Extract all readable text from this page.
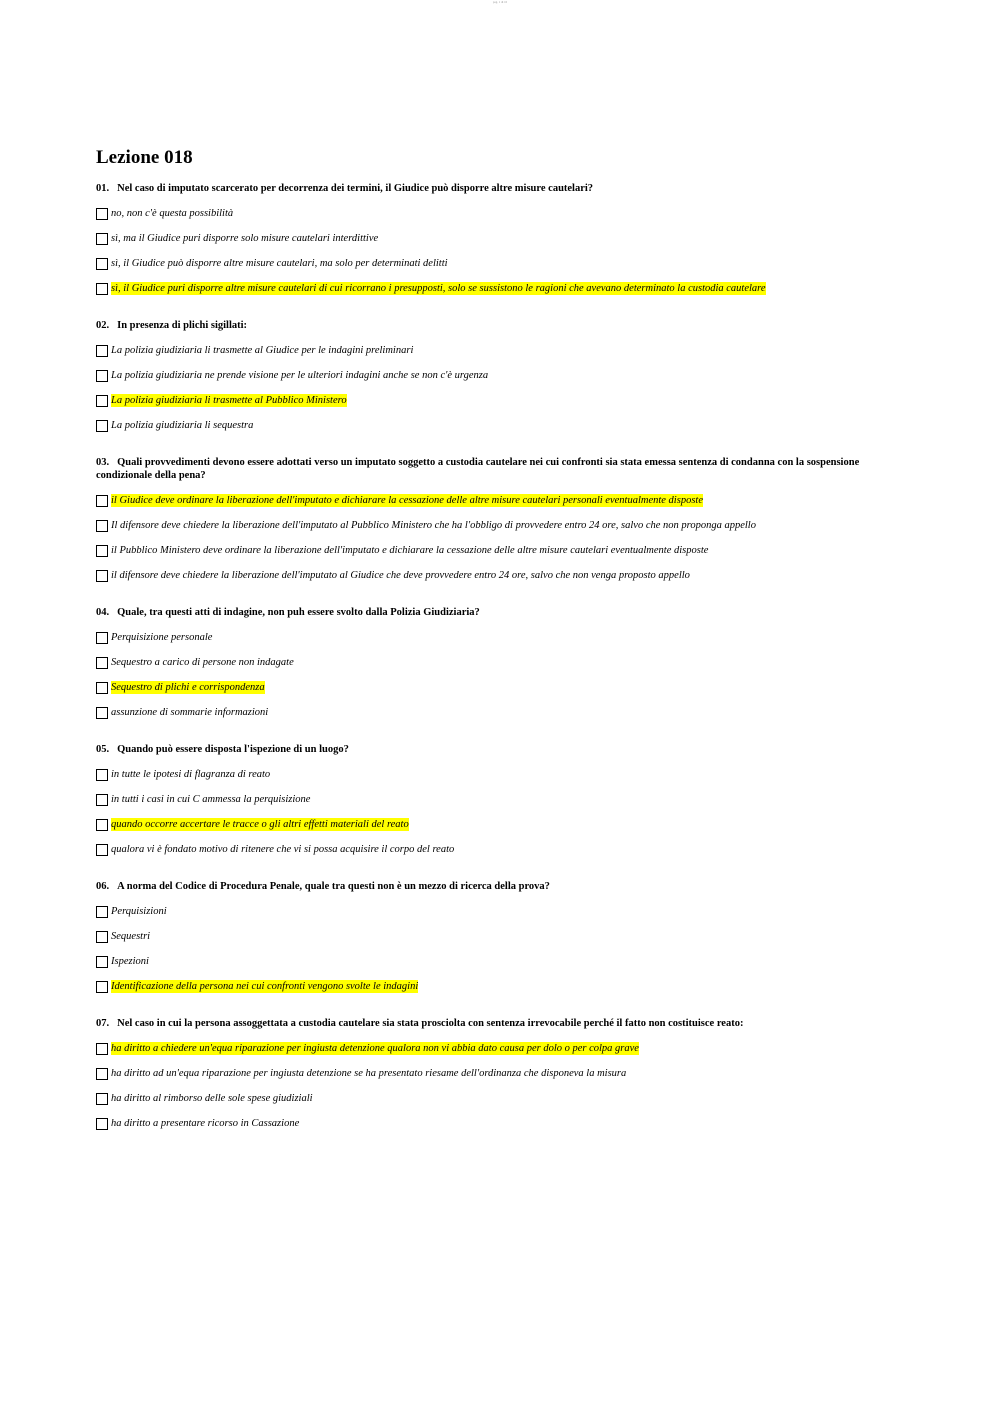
pag. 1 di 10
Lezione 018
01. Nel caso di imputato scarcerato per decorrenza dei termini, il Giudice può disporre altre misure cautelari?
no, non c'è questa possibilità
sì, ma il Giudice puri disporre solo misure cautelari interdittive
sì, il Giudice può disporre altre misure cautelari, ma solo per determinati delitti
sì, il Giudice puri disporre altre misure cautelari di cui ricorrano i presupposti, solo se sussistono le ragioni che avevano determinato la custodia cautelare
02. In presenza di plichi sigillati:
La polizia giudiziaria li trasmette al Giudice per le indagini preliminari
La polizia giudiziaria ne prende visione per le ulteriori indagini anche se non c'è urgenza
La polizia giudiziaria li trasmette al Pubblico Ministero
La polizia giudiziaria li sequestra
03. Quali provvedimenti devono essere adottati verso un imputato soggetto a custodia cautelare nei cui confronti sia stata emessa sentenza di condanna con la sospensione condizionale della pena?
il Giudice deve ordinare la liberazione dell'imputato e dichiarare la cessazione delle altre misure cautelari personali eventualmente disposte
Il difensore deve chiedere la liberazione dell'imputato al Pubblico Ministero che ha l'obbligo di provvedere entro 24 ore, salvo che non proponga appello
il Pubblico Ministero deve ordinare la liberazione dell'imputato e dichiarare la cessazione delle altre misure cautelari eventualmente disposte
il difensore deve chiedere la liberazione dell'imputato al Giudice che deve provvedere entro 24 ore, salvo che non venga proposto appello
04. Quale, tra questi atti di indagine, non puh essere svolto dalla Polizia Giudiziaria?
Perquisizione personale
Sequestro a carico di persone non indagate
Sequestro di plichi e corrispondenza
assunzione di sommarie informazioni
05. Quando può essere disposta l'ispezione di un luogo?
in tutte le ipotesi di flagranza di reato
in tutti i casi in cui C ammessa la perquisizione
quando occorre accertare le tracce o gli altri effetti materiali del reato
qualora vi è fondato motivo di ritenere che vi si possa acquisire il corpo del reato
06. A norma del Codice di Procedura Penale, quale tra questi non è un mezzo di ricerca della prova?
Perquisizioni
Sequestri
Ispezioni
Identificazione della persona nei cui confronti vengono svolte le indagini
07. Nel caso in cui la persona assoggettata a custodia cautelare sia stata prosciolta con sentenza irrevocabile perché il fatto non costituisce reato:
ha diritto a chiedere un'equa riparazione per ingiusta detenzione qualora non vi abbia dato causa per dolo o per colpa grave
ha diritto ad un'equa riparazione per ingiusta detenzione se ha presentato riesame dell'ordinanza che disponeva la misura
ha diritto al rimborso delle sole spese giudiziali
ha diritto a presentare ricorso in Cassazione
